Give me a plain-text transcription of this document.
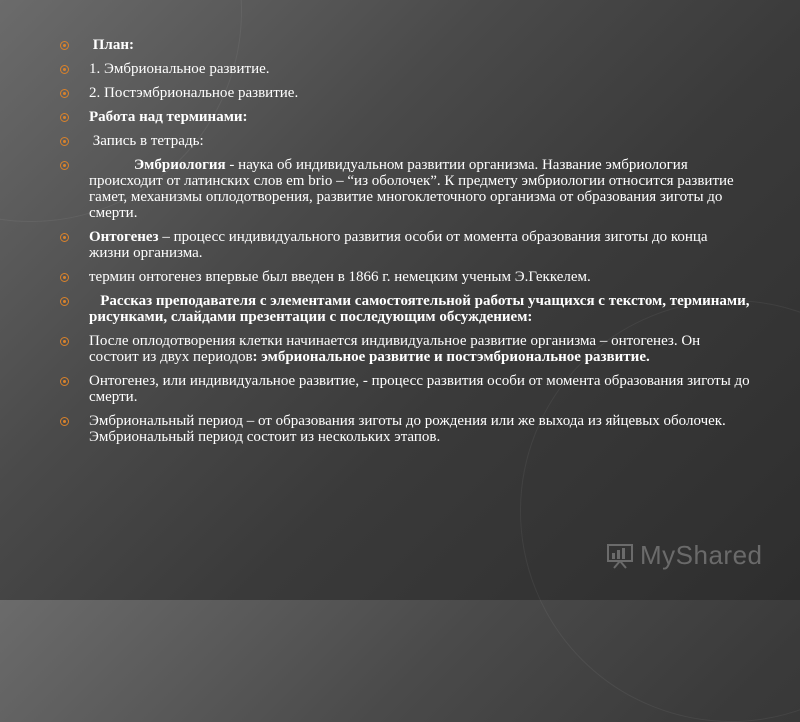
План:
1. Эмбриональное развитие.
2. Постэмбриональное развитие.
Работа над терминами:
Запись в тетрадь:
Эмбриология - наука об индивидуальном развитии организма. Название эмбриология происходит от латинских слов em brio – “из оболочек”. К предмету эмбриологии относится развитие гамет, механизмы оплодотворения, развитие многоклеточного организма от образования зиготы до смерти.
Онтогенез – процесс индивидуального развития особи от момента образования зиготы до конца жизни организма.
термин онтогенез впервые был введен в 1866 г. немецким ученым Э.Геккелем.
Рассказ преподавателя с элементами самостоятельной работы учащихся с текстом, терминами, рисунками, слайдами презентации с последующим обсуждением:
После оплодотворения клетки начинается индивидуальное развитие организма – онтогенез. Он состоит из двух периодов: эмбриональное развитие и постэмбриональное развитие.
Онтогенез, или индивидуальное развитие, - процесс развития особи от момента образования зиготы до смерти.
Эмбриональный период – от образования зиготы до рождения или же выхода из яйцевых оболочек. Эмбриональный период состоит из нескольких этапов.
MyShared
